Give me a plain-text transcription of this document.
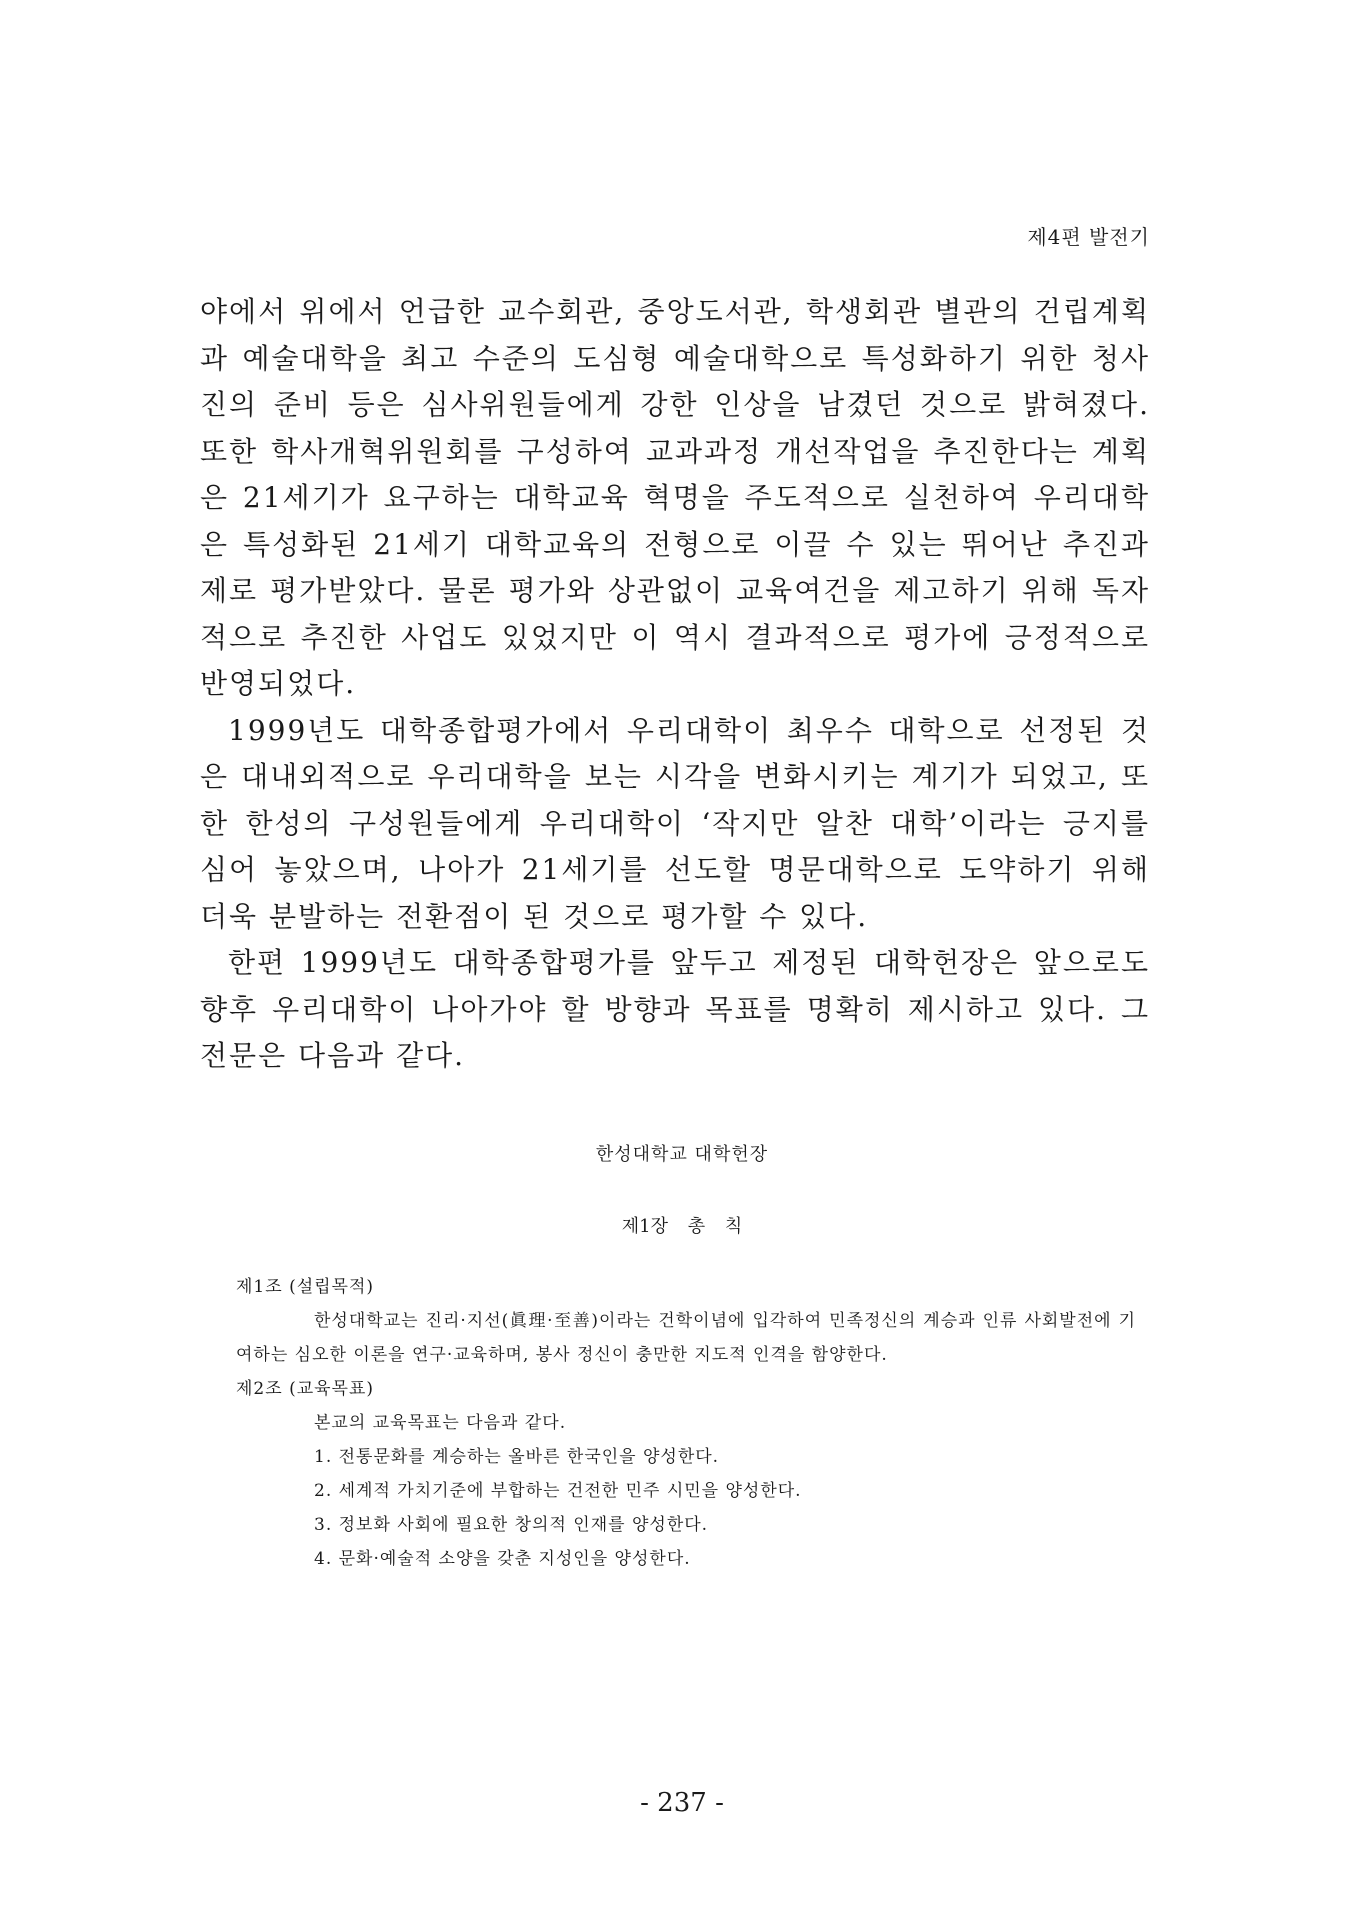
제4편 발전기

야에서 위에서 언급한 교수회관, 중앙도서관, 학생회관 별관의 건립계획과 예술대학을 최고 수준의 도심형 예술대학으로 특성화하기 위한 청사진의 준비 등은 심사위원들에게 강한 인상을 남겼던 것으로 밝혀졌다. 또한 학사개혁위원회를 구성하여 교과과정 개선작업을 추진한다는 계획은 21세기가 요구하는 대학교육 혁명을 주도적으로 실천하여 우리대학은 특성화된 21세기 대학교육의 전형으로 이끌 수 있는 뛰어난 추진과제로 평가받았다. 물론 평가와 상관없이 교육여건을 제고하기 위해 독자적으로 추진한 사업도 있었지만 이 역시 결과적으로 평가에 긍정적으로 반영되었다.

1999년도 대학종합평가에서 우리대학이 최우수 대학으로 선정된 것은 대내외적으로 우리대학을 보는 시각을 변화시키는 계기가 되었고, 또한 한성의 구성원들에게 우리대학이 ‘작지만 알찬 대학’이라는 긍지를 심어 놓았으며, 나아가 21세기를 선도할 명문대학으로 도약하기 위해 더욱 분발하는 전환점이 된 것으로 평가할 수 있다.

한편 1999년도 대학종합평가를 앞두고 제정된 대학헌장은 앞으로도 향후 우리대학이 나아가야 할 방향과 목표를 명확히 제시하고 있다. 그 전문은 다음과 같다.

한성대학교 대학헌장
제1장 총 칙

제1조 (설립목적)

한성대학교는 진리·지선(眞理·至善)이라는 건학이념에 입각하여 민족정신의 계승과 인류 사회발전에 기여하는 심오한 이론을 연구·교육하며, 봉사 정신이 충만한 지도적 인격을 함양한다.

제2조 (교육목표)

본교의 교육목표는 다음과 같다.

1. 전통문화를 계승하는 올바른 한국인을 양성한다.

2. 세계적 가치기준에 부합하는 건전한 민주 시민을 양성한다.

3. 정보화 사회에 필요한 창의적 인재를 양성한다.

4. 문화·예술적 소양을 갖춘 지성인을 양성한다.

- 237 -
